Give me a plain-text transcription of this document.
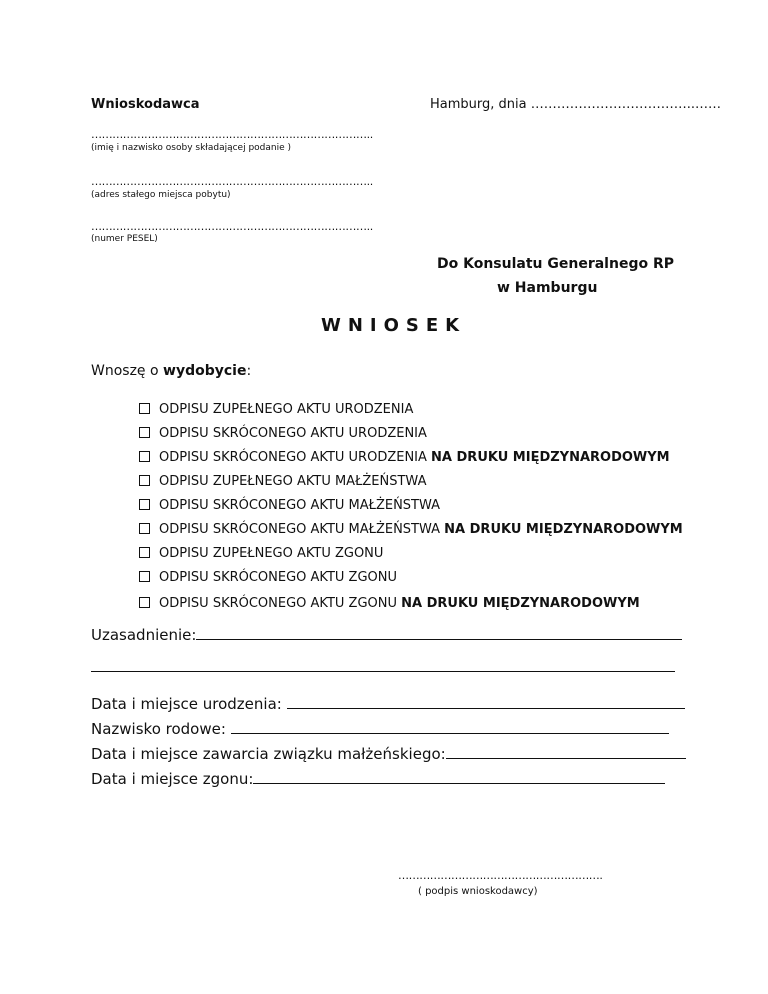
Wnioskodawca	Hamburg, dnia ………………………………..……
……………………………………………………………………..
(imię i nazwisko osoby składającej podanie )
……………………………………………………………………..
(adres stałego miejsca pobytu)
……………………………………………………………………..
(numer PESEL)
Do Konsulatu Generalnego RP
w Hamburgu
WNIOSEK
Wnoszę o wydobycie:
ODPISU ZUPEŁNEGO AKTU URODZENIA
ODPISU SKRÓCONEGO AKTU URODZENIA
ODPISU SKRÓCONEGO AKTU URODZENIA NA DRUKU MIĘDZYNARODOWYM
ODPISU ZUPEŁNEGO AKTU MAŁŻEŃSTWA
ODPISU SKRÓCONEGO AKTU MAŁŻEŃSTWA
ODPISU SKRÓCONEGO AKTU MAŁŻEŃSTWA NA DRUKU MIĘDZYNARODOWYM
ODPISU ZUPEŁNEGO AKTU ZGONU
ODPISU SKRÓCONEGO AKTU ZGONU
ODPISU SKRÓCONEGO AKTU ZGONU NA DRUKU MIĘDZYNARODOWYM
Uzasadnienie:
Data i miejsce urodzenia:
Nazwisko rodowe:
Data i miejsce zawarcia związku małżeńskiego:
Data i miejsce zgonu:
………………………………………………….
( podpis wnioskodawcy)
